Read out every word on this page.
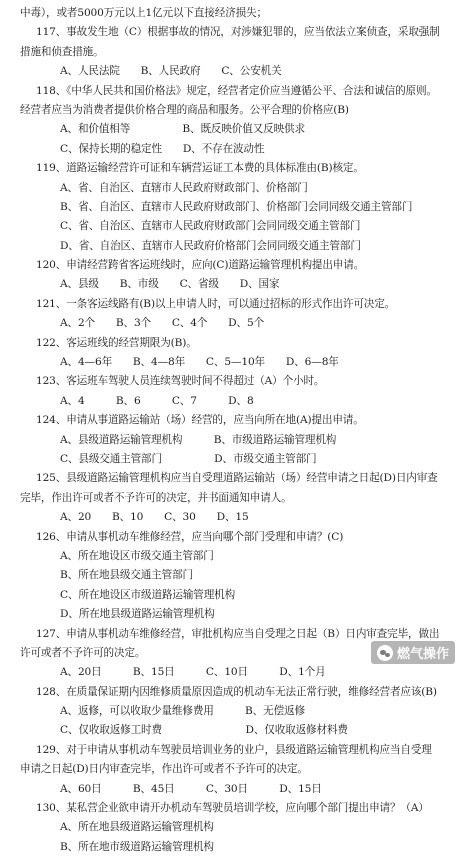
中毒），或者5000万元以上1亿元以下直接经济损失；
117、事故发生地（C）根据事故的情况，对涉嫌犯罪的，应当依法立案侦查，采取强制
措施和侦查措施。
A、人民法院　　B、人民政府　　C、公安机关
118、《中华人民共和国价格法》规定，经营者定价应当遵循公平、合法和诚信的原则。
经营者应当为消费者提供价格合理的商品和服务。公平合理的价格应(B)
A、和价值相等　　　　　B、既反映价值又反映供求
C、保持长期的稳定性　　D、不存在波动性
119、道路运输经营许可证和车辆营运证工本费的具体标准由(B)核定。
A、省、自治区、直辖市人民政府财政部门、价格部门
B、省、自治区、直辖市人民政府财政部门、价格部门会同同级交通主管部门
C、省、自治区、直辖市人民政府财政部门会同同级交通主管部门
D、省、自治区、直辖市人民政府价格部门会同同级交通主管部门
120、申请经营跨省客运班线时，应向(C)道路运输管理机构提出申请。
A、县级　　B、市级　　C、省级　　D、国家
121、一条客运线路有(B)以上申请人时，可以通过招标的形式作出许可决定。
A、2个　　B、3个　　C、4个　　D、5个
122、客运班线的经营期限为(B)。
A、4—6年　　B、4—8年　　C、5—10年　　D、6—8年
123、客运班车驾驶人员连续驾驶时间不得超过（A）个小时。
A、4　　　B、6　　　C、7　　　D、8
124、申请从事道路运输站（场）经营的，应当向所在地(A)提出申请。
A、县级道路运输管理机构　　　B、市级道路运输管理机构
C、县级交通主管部门　　　　　D、市级交通主管部门
125、县级道路运输管理机构应当自受理道路运输站（场）经营申请之日起(D)日内审查
完毕，作出许可或者不予许可的决定，并书面通知申请人。
A、20　　B、10　　C、30　　D、15
126、申请从事机动车维修经营，应当向哪个部门受理和申请？(C)
A、所在地设区市级交通主管部门
B、所在地县级交通主管部门
C、所在地设区市级道路运输管理机构
D、所在地县级道路运输管理机构
127、申请从事机动车维修经营，审批机构应当自受理之日起（B）日内审查完毕，做出
许可或者不予许可的决定。
A、20日　　　B、15日　　　C、10日　　　D、1个月
128、在质量保证期内因维修质量原因造成的机动车无法正常行驶，维修经营者应该(B)
A、返修，可以收取少量维修费用　　　B、无偿返修
C、仅收取返修工时费　　　　　　　　D、仅收取返修材料费
129、对于申请从事机动车驾驶员培训业务的业户，县级道路运输管理机构应当自受理
申请之日起(D)日内审查完毕，作出许可或者不予许可的决定。
A、60日　　　B、45日　　　C、30日　　　D、15日
130、某私营企业欲申请开办机动车驾驶员培训学校，应向哪个部门提出申请？（A）
A、所在地县级道路运输管理机构
B、所在地市级道路运输管理机构
燃气操作
